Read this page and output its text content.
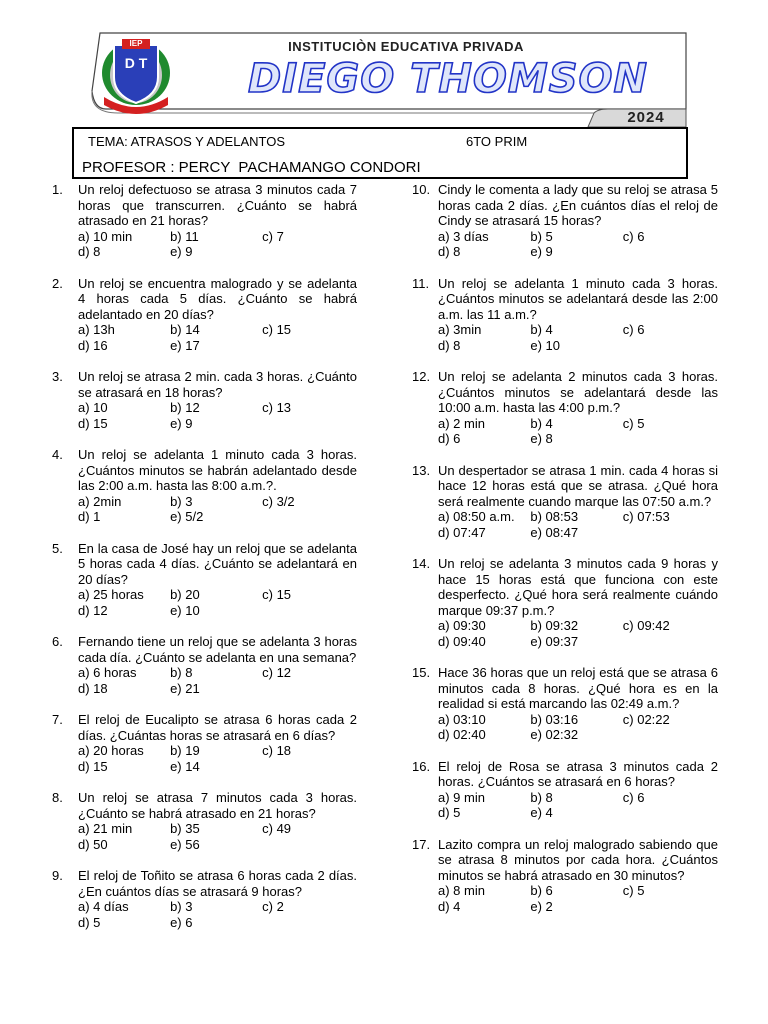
IEP
D T
INSTITUCIÒN EDUCATIVA PRIVADA
DIEGO THOMSON
2024
TEMA: ATRASOS Y ADELANTOS	6TO PRIM
PROFESOR : PERCY  PACHAMANGO CONDORI
1. Un reloj defectuoso se atrasa 3 minutos cada 7 horas que transcurren. ¿Cuánto se habrá atrasado en 21 horas?
a) 10 min	b) 11	c) 7
d) 8	e) 9
2. Un reloj se encuentra malogrado y se adelanta 4 horas cada 5 días. ¿Cuánto se habrá adelantado en 20 días?
a) 13h	b) 14	c) 15
d) 16	e) 17
3. Un reloj se atrasa 2 min. cada 3 horas. ¿Cuánto se atrasará en 18 horas?
a) 10	b) 12	c) 13
d) 15	e) 9
4. Un reloj se adelanta 1 minuto cada 3 horas. ¿Cuántos minutos se habrán adelantado desde las 2:00 a.m. hasta las 8:00 a.m.?.
a) 2min	b) 3	c) 3/2
d) 1	e) 5/2
5. En la casa de José hay un reloj que se adelanta 5 horas cada 4 días. ¿Cuánto se adelantará en 20 días?
a) 25 horas	b) 20	c) 15
d) 12	e) 10
6. Fernando tiene un reloj que se adelanta 3 horas cada día. ¿Cuánto se adelanta en una semana?
a) 6 horas	b) 8	c) 12
d) 18	e) 21
7. El reloj de Eucalipto se atrasa 6 horas cada 2 días. ¿Cuántas horas se atrasará en 6 días?
a) 20 horas	b) 19	c) 18
d) 15	e) 14
8. Un reloj se atrasa 7 minutos cada 3 horas. ¿Cuánto se habrá atrasado en 21 horas?
a) 21 min	b) 35	c) 49
d) 50	e) 56
9. El reloj de Toñito se atrasa 6 horas cada 2 días. ¿En cuántos días se atrasará 9 horas?
a) 4 días	b) 3	c) 2
d) 5	e) 6
10. Cindy le comenta a lady que su reloj se atrasa 5 horas cada 2 días. ¿En cuántos días el reloj de Cindy se atrasará 15 horas?
a) 3 días	b) 5	c) 6
d) 8	e) 9
11. Un reloj se adelanta 1 minuto cada 3 horas. ¿Cuántos minutos se adelantará desde las 2:00 a.m. las 11 a.m.?
a) 3min	b) 4	c) 6
d) 8	e) 10
12. Un reloj se adelanta 2 minutos cada 3 horas. ¿Cuántos minutos se adelantará desde las 10:00 a.m. hasta las 4:00 p.m.?
a) 2 min	b) 4	c) 5
d) 6	e) 8
13. Un despertador se atrasa 1 min. cada 4 horas si hace 12 horas está que se atrasa. ¿Qué hora será realmente cuando marque las 07:50 a.m.?
a) 08:50 a.m.	b) 08:53	c) 07:53
d) 07:47	e) 08:47
14. Un reloj se adelanta 3 minutos cada 9 horas y hace 15 horas está que funciona con este desperfecto. ¿Qué hora será realmente cuándo marque 09:37 p.m.?
a) 09:30	b) 09:32	c) 09:42
d) 09:40	e) 09:37
15. Hace 36 horas que un reloj está que se atrasa 6 minutos cada 8 horas. ¿Qué hora es en la realidad si está marcando las 02:49 a.m.?
a) 03:10	b) 03:16	c) 02:22
d) 02:40	e) 02:32
16. El reloj de Rosa se atrasa 3 minutos cada 2 horas. ¿Cuántos se atrasará en 6 horas?
a) 9 min	b) 8	c) 6
d) 5	e) 4
17. Lazito compra un reloj malogrado sabiendo que se atrasa 8 minutos por cada hora. ¿Cuántos minutos se habrá atrasado en 30 minutos?
a) 8 min	b) 6	c) 5
d) 4	e) 2
